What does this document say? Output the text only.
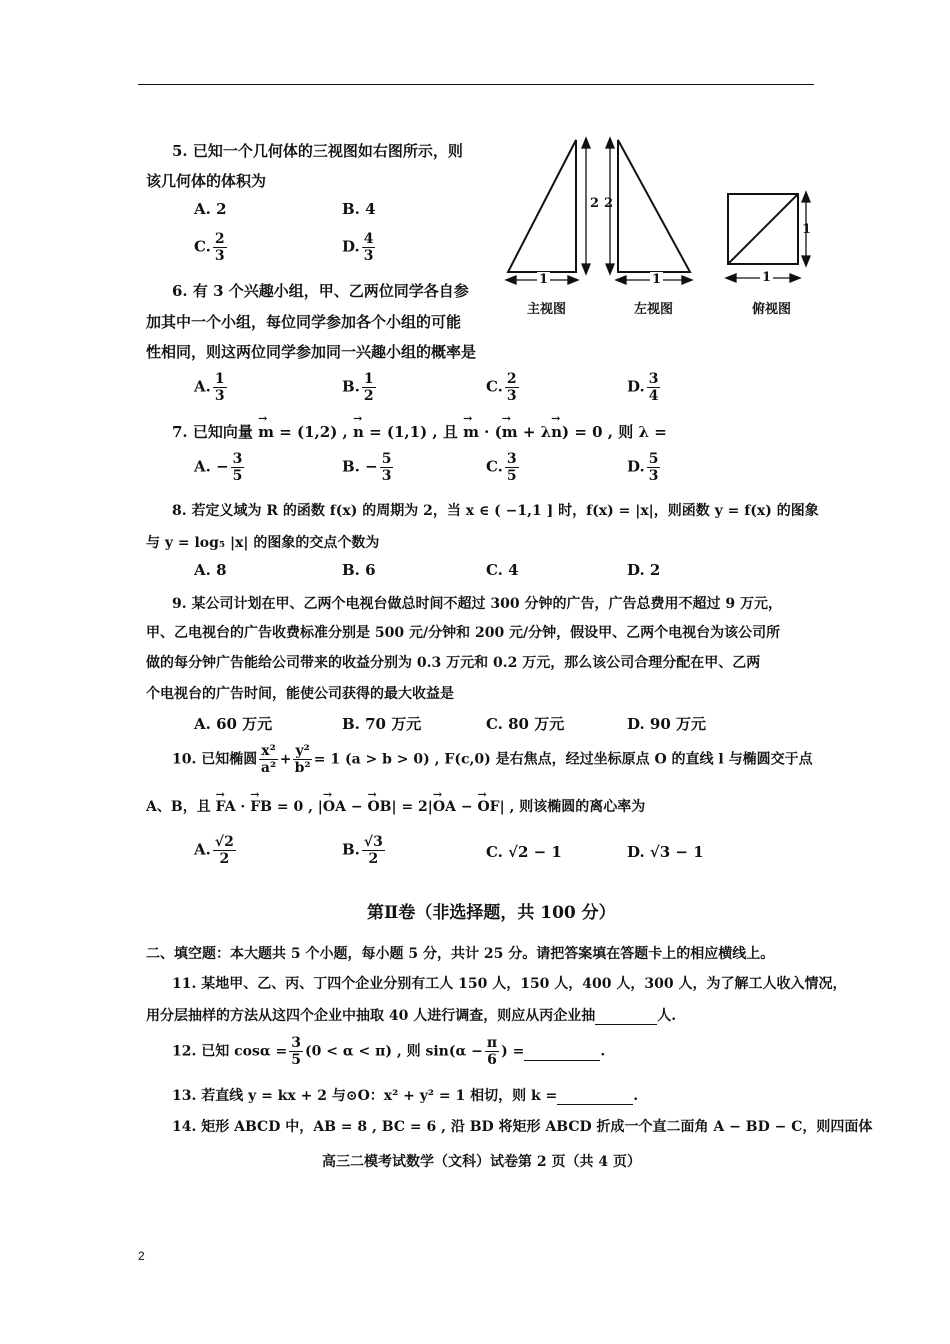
5. 已知一个几何体的三视图如右图所示，则
该几何体的体积为
A. 2	B. 4
C. $\frac{2}{3}$	D. $\frac{4}{3}$
2 2
1
1	1	1
主视图	左视图	俯视图
6. 有 3 个兴趣小组，甲、乙两位同学各自参
加其中一个小组，每位同学参加各个小组的可能
性相同，则这两位同学参加同一兴趣小组的概率是
A. $\frac{1}{3}$	B. $\frac{1}{2}$	C. $\frac{2}{3}$	D. $\frac{3}{4}$
7. 已知向量 → m = (1,2) , → n = (1,1) , 且 → m · (→ m + λ→ n) = 0 , 则 λ =
A. − $\frac{3}{5}$	B. − $\frac{5}{3}$	C. $\frac{3}{5}$	D. $\frac{5}{3}$
8. 若定义域为 R 的函数 f(x) 的周期为 2，当 x ∈ ( −1,1 ] 时，f(x) = |x|，则函数 y = f(x) 的图象
与 y = log₅ |x| 的图象的交点个数为
A. 8	B. 6	C. 4	D. 2
9. 某公司计划在甲、乙两个电视台做总时间不超过 300 分钟的广告，广告总费用不超过 9 万元，
甲、乙电视台的广告收费标准分别是 500 元/分钟和 200 元/分钟，假设甲、乙两个电视台为该公司所
做的每分钟广告能给公司带来的收益分别为 0.3 万元和 0.2 万元，那么该公司合理分配在甲、乙两
个电视台的广告时间，能使公司获得的最大收益是
A. 60 万元	B. 70 万元	C. 80 万元	D. 90 万元
10. 已知椭圆 $\frac{\text{x²}}{\text{a²}} + \frac{\text{y²}}{\text{b²}} = 1$ (a > b > 0) , F(c,0) 是右焦点，经过坐标原点 O 的直线 l 与椭圆交于点
A、B，且 → FA · → FB = 0 , |→ OA − → OB| = 2|→ OA − → OF| , 则该椭圆的离心率为
A. $\frac{√2}{2}$	B. $\frac{√3}{2}$	C. √2 − 1	D. √3 − 1
第Ⅱ卷（非选择题，共 100 分）
二、填空题：本大题共 5 个小题，每小题 5 分，共计 25 分。请把答案填在答题卡上的相应横线上。
11. 某地甲、乙、丙、丁四个企业分别有工人 150 人，150 人，400 人，300 人，为了解工人收入情况，
用分层抽样的方法从这四个企业中抽取 40 人进行调查，则应从丙企业抽	人.
12. 已知 $\cos\alpha = \frac{3}{5} (0 < \alpha < \pi)$ , 则 $\sin(\alpha - \frac{\pi}{6}$ ) =	.
13. 若直线 y = kx + 2 与⊙O：x² + y² = 1 相切，则 k =	.
14. 矩形 ABCD 中，AB = 8 , BC = 6 , 沿 BD 将矩形 ABCD 折成一个直二面角 A − BD − C，则四面体
高三二模考试数学（文科）试卷第 2 页（共 4 页）
2
